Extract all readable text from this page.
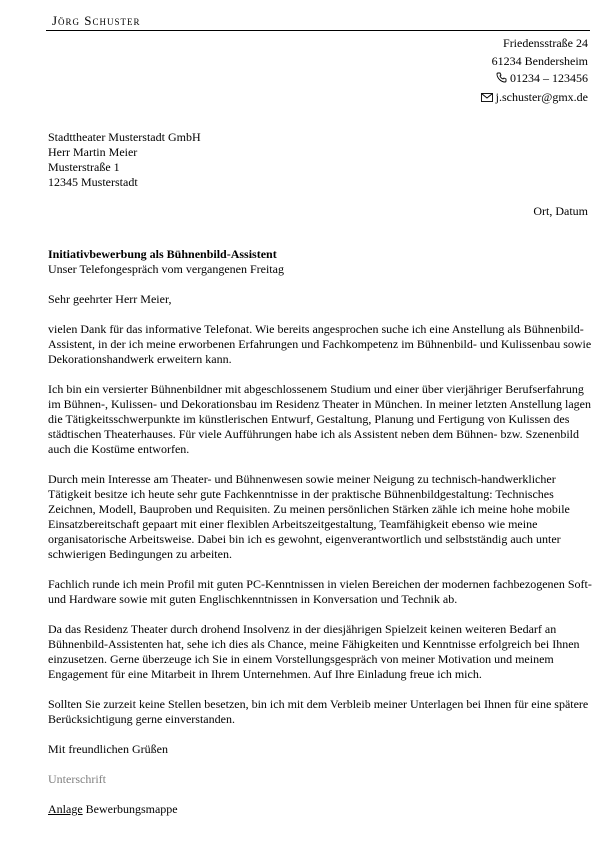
Jörg Schuster
Friedensstraße 24
61234 Bendersheim
01234 – 123456
j.schuster@gmx.de
Stadttheater Musterstadt GmbH
Herr Martin Meier
Musterstraße 1
12345 Musterstadt
Ort, Datum
Initiativbewerbung als Bühnenbild-Assistent
Unser Telefongespräch vom vergangenen Freitag
Sehr geehrter Herr Meier,

vielen Dank für das informative Telefonat. Wie bereits angesprochen suche ich eine Anstellung als Bühnenbild-Assistent, in der ich meine erworbenen Erfahrungen und Fachkompetenz im Bühnenbild- und Kulissenbau sowie Dekorationshandwerk erweitern kann.

Ich bin ein versierter Bühnenbildner mit abgeschlossenem Studium und einer über vierjähriger Berufserfahrung im Bühnen-, Kulissen- und Dekorationsbau im Residenz Theater in München. In meiner letzten Anstellung lagen die Tätigkeitsschwerpunkte im künstlerischen Entwurf, Gestaltung, Planung und Fertigung von Kulissen des städtischen Theaterhauses. Für viele Aufführungen habe ich als Assistent neben dem Bühnen- bzw. Szenenbild auch die Kostüme entworfen.

Durch mein Interesse am Theater- und Bühnenwesen sowie meiner Neigung zu technisch-handwerklicher Tätigkeit besitze ich heute sehr gute Fachkenntnisse in der praktische Bühnenbildgestaltung: Technisches Zeichnen, Modell, Bauproben und Requisiten. Zu meinen persönlichen Stärken zähle ich meine hohe mobile Einsatzbereitschaft gepaart mit einer flexiblen Arbeitszeitgestaltung, Teamfähigkeit ebenso wie meine organisatorische Arbeitsweise. Dabei bin ich es gewohnt, eigenverantwortlich und selbstständig auch unter schwierigen Bedingungen zu arbeiten.

Fachlich runde ich mein Profil mit guten PC-Kenntnissen in vielen Bereichen der modernen fachbezogenen Soft- und Hardware sowie mit guten Englischkenntnissen in Konversation und Technik ab.

Da das Residenz Theater durch drohend Insolvenz in der diesjährigen Spielzeit keinen weiteren Bedarf an Bühnenbild-Assistenten hat, sehe ich dies als Chance, meine Fähigkeiten und Kenntnisse erfolgreich bei Ihnen einzusetzen. Gerne überzeuge ich Sie in einem Vorstellungsgespräch von meiner Motivation und meinem Engagement für eine Mitarbeit in Ihrem Unternehmen. Auf Ihre Einladung freue ich mich.

Sollten Sie zurzeit keine Stellen besetzen, bin ich mit dem Verbleib meiner Unterlagen bei Ihnen für eine spätere Berücksichtigung gerne einverstanden.

Mit freundlichen Grüßen
Unterschrift
Anlage Bewerbungsmappe
